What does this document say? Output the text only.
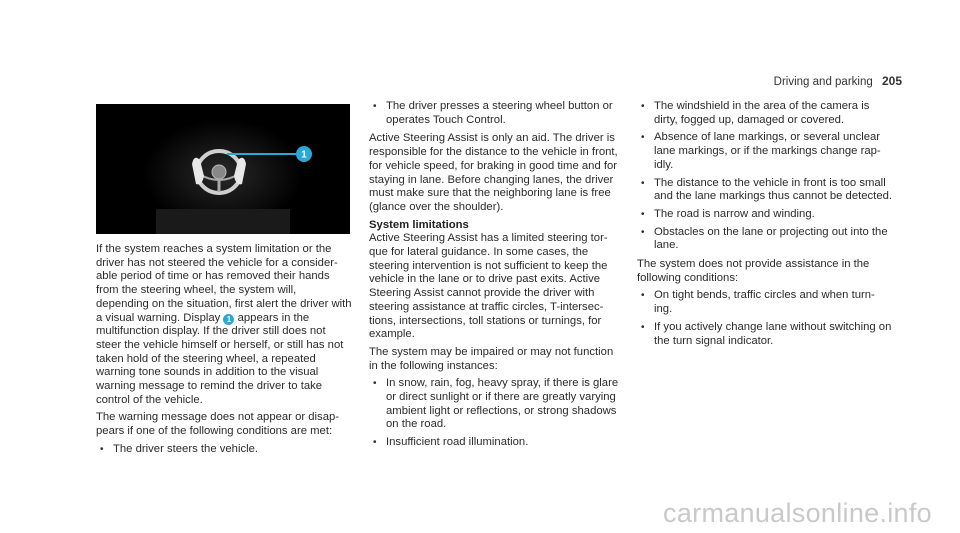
Driving and parking 205
1

If the system reaches a system limitation or the driver has not steered the vehicle for a consider-able period of time or has removed their hands from the steering wheel, the system will, depending on the situation, first alert the driver with a visual warning. Display 1 appears in the multifunction display. If the driver still does not steer the vehicle himself or herself, or still has not taken hold of the steering wheel, a repeated warning tone sounds in addition to the visual warning message to remind the driver to take control of the vehicle.

The warning message does not appear or disap-pears if one of the following conditions are met:

• The driver steers the vehicle.
• The driver presses a steering wheel button or operates Touch Control.

Active Steering Assist is only an aid. The driver is responsible for the distance to the vehicle in front, for vehicle speed, for braking in good time and for staying in lane. Before changing lanes, the driver must make sure that the neighboring lane is free (glance over the shoulder).

System limitations

Active Steering Assist has a limited steering tor-que for lateral guidance. In some cases, the steering intervention is not sufficient to keep the vehicle in the lane or to drive past exits. Active Steering Assist cannot provide the driver with steering assistance at traffic circles, T-intersec-tions, intersections, toll stations or turnings, for example.

The system may be impaired or may not function in the following instances:

• In snow, rain, fog, heavy spray, if there is glare or direct sunlight or if there are greatly varying ambient light or reflections, or strong shadows on the road.
• Insufficient road illumination.
• The windshield in the area of the camera is dirty, fogged up, damaged or covered.
• Absence of lane markings, or several unclear lane markings, or if the markings change rap-idly.
• The distance to the vehicle in front is too small and the lane markings thus cannot be detected.
• The road is narrow and winding.
• Obstacles on the lane or projecting out into the lane.

The system does not provide assistance in the following conditions:

• On tight bends, traffic circles and when turn-ing.
• If you actively change lane without switching on the turn signal indicator.
carmanualsonline.info
